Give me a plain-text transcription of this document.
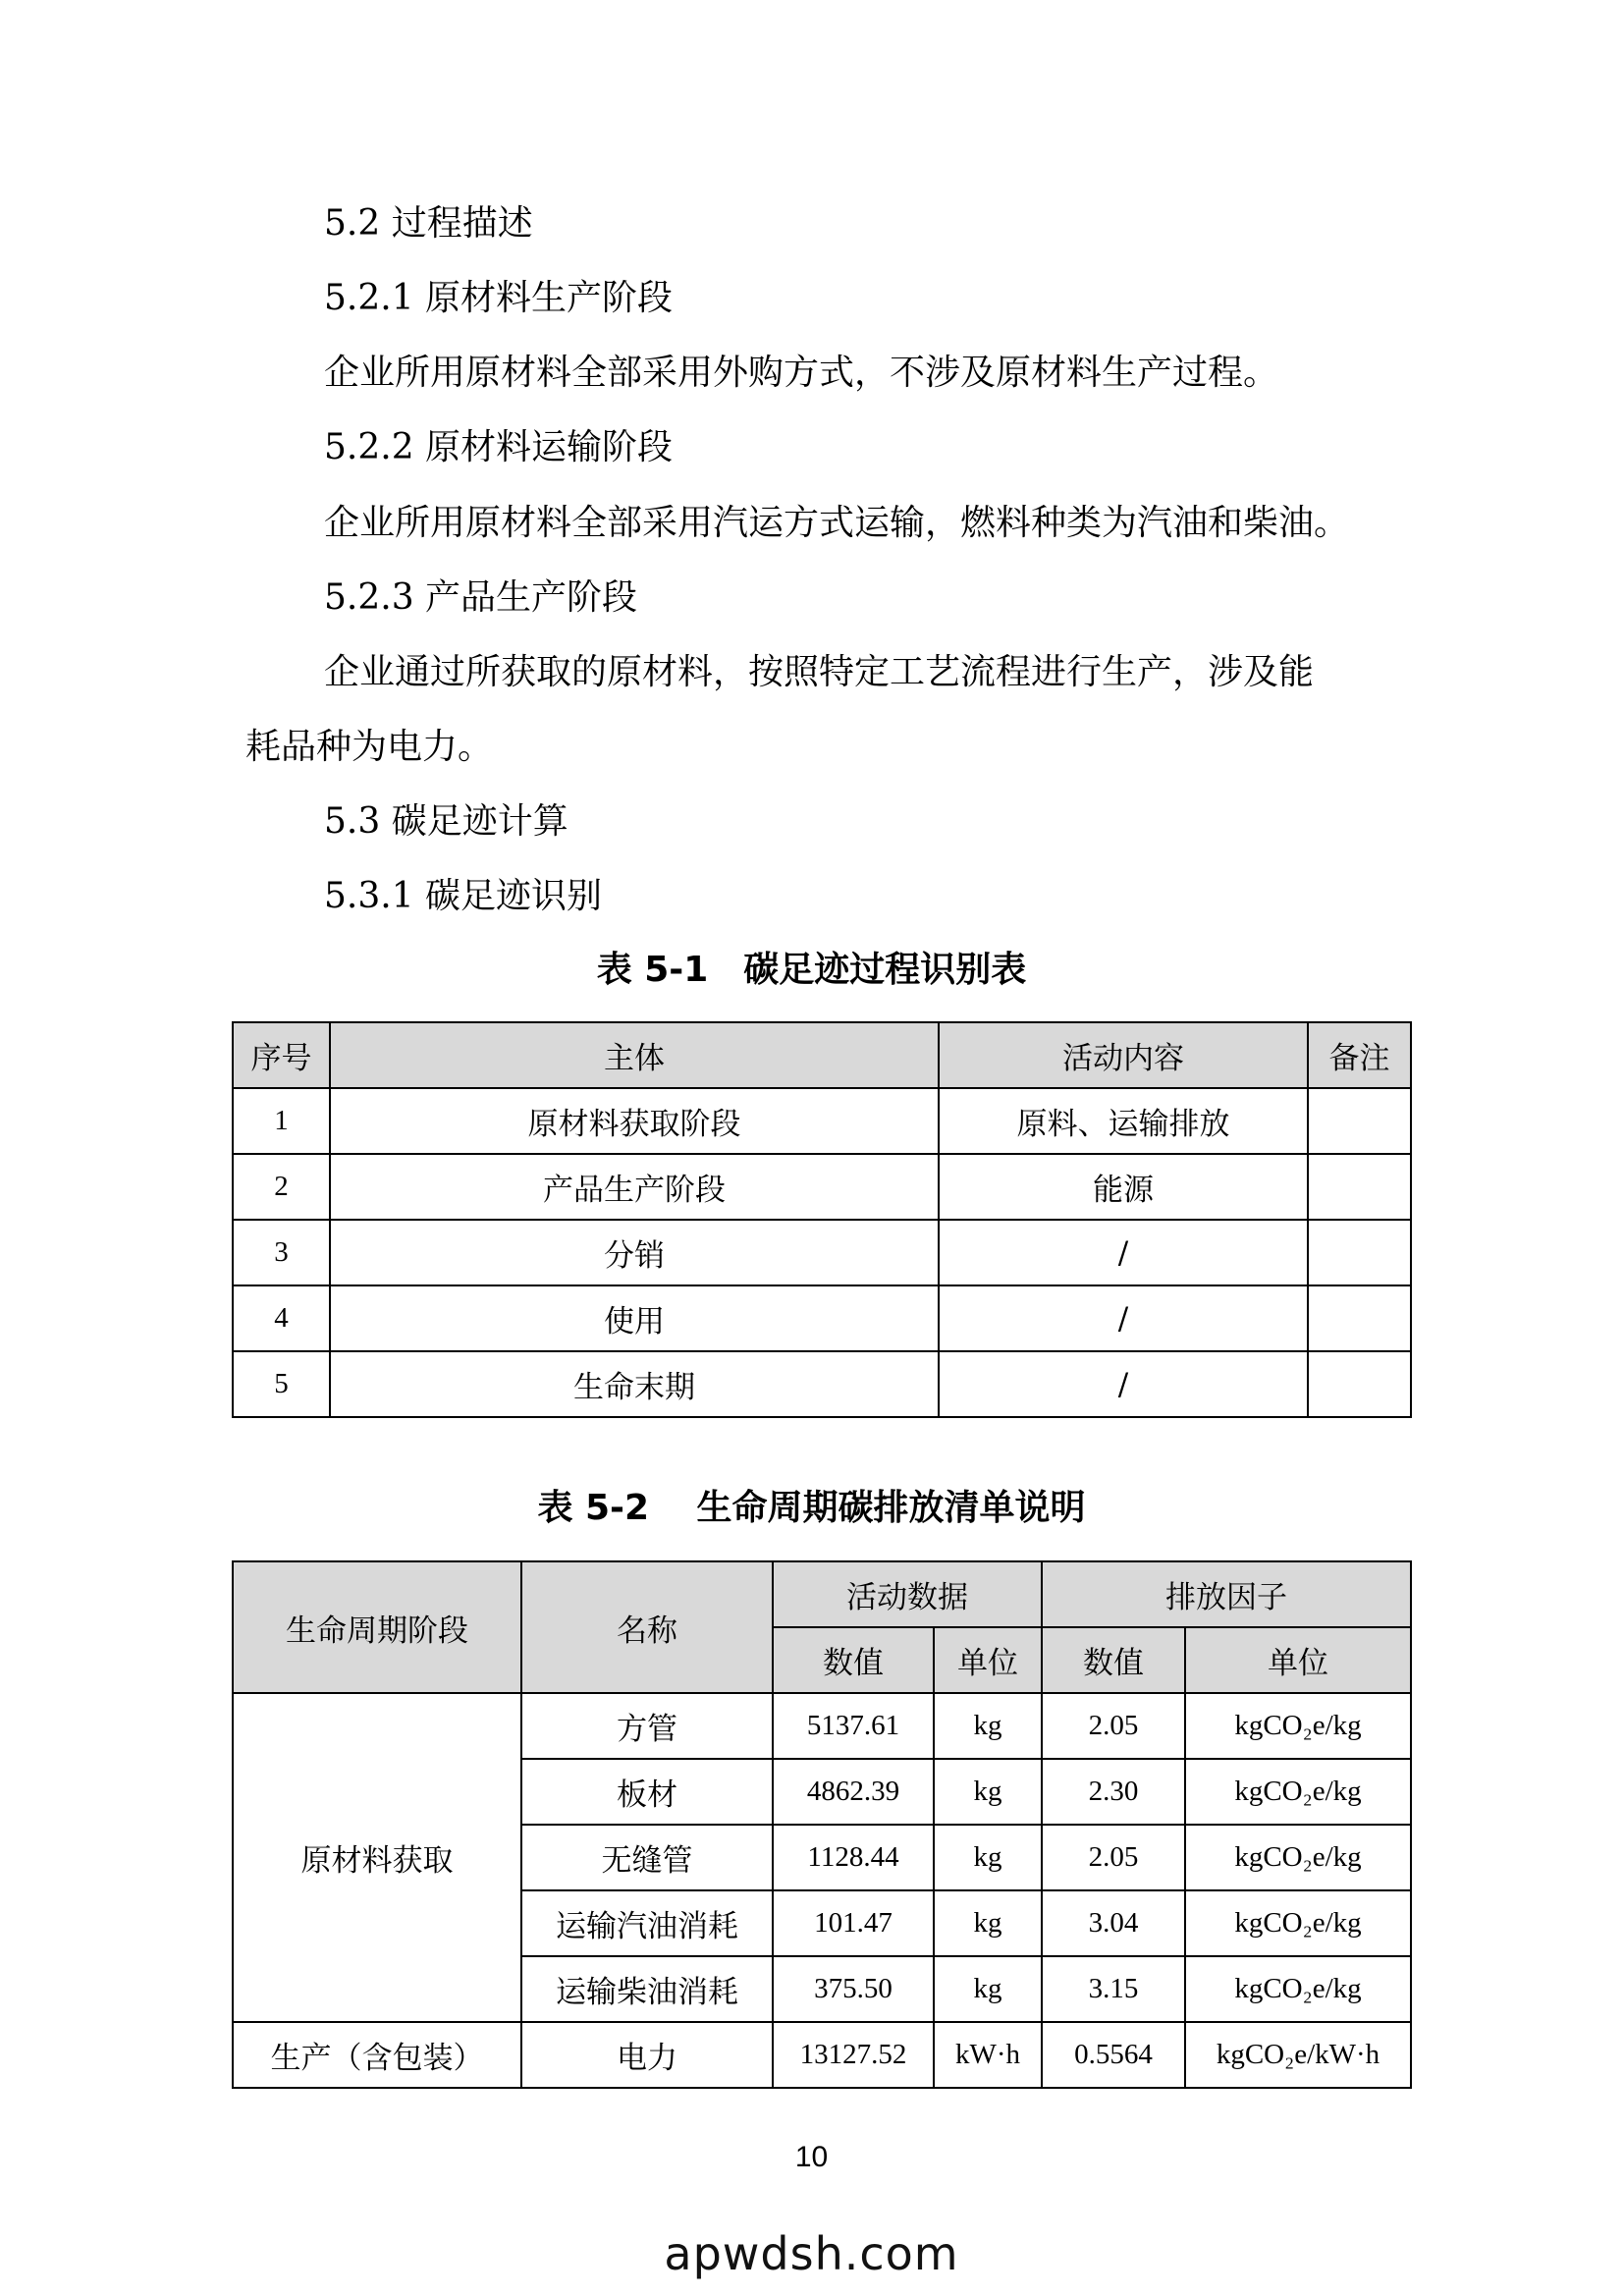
5.2 过程描述
5.2.1 原材料生产阶段
企业所用原材料全部采用外购方式，不涉及原材料生产过程。
5.2.2 原材料运输阶段
企业所用原材料全部采用汽运方式运输，燃料种类为汽油和柴油。
5.2.3 产品生产阶段
企业通过所获取的原材料，按照特定工艺流程进行生产，涉及能
耗品种为电力。
5.3 碳足迹计算
5.3.1 碳足迹识别
表 5-1　碳足迹过程识别表
序号	主体	活动内容	备注
1	原材料获取阶段	原料、运输排放	
2	产品生产阶段	能源	
3	分销	/	
4	使用	/	
5	生命末期	/	
表 5-2　 生命周期碳排放清单说明
生命周期阶段	名称	活动数据		排放因子	
		数值	单位	数值	单位
原材料获取	方管	5137.61	kg	2.05	kgCO₂e/kg
	板材	4862.39	kg	2.30	kgCO₂e/kg
	无缝管	1128.44	kg	2.05	kgCO₂e/kg
	运输汽油消耗	101.47	kg	3.04	kgCO₂e/kg
	运输柴油消耗	375.50	kg	3.15	kgCO₂e/kg
生产（含包装）	电力	13127.52	kW·h	0.5564	kgCO₂e/kW·h
10
apwdsh.com
